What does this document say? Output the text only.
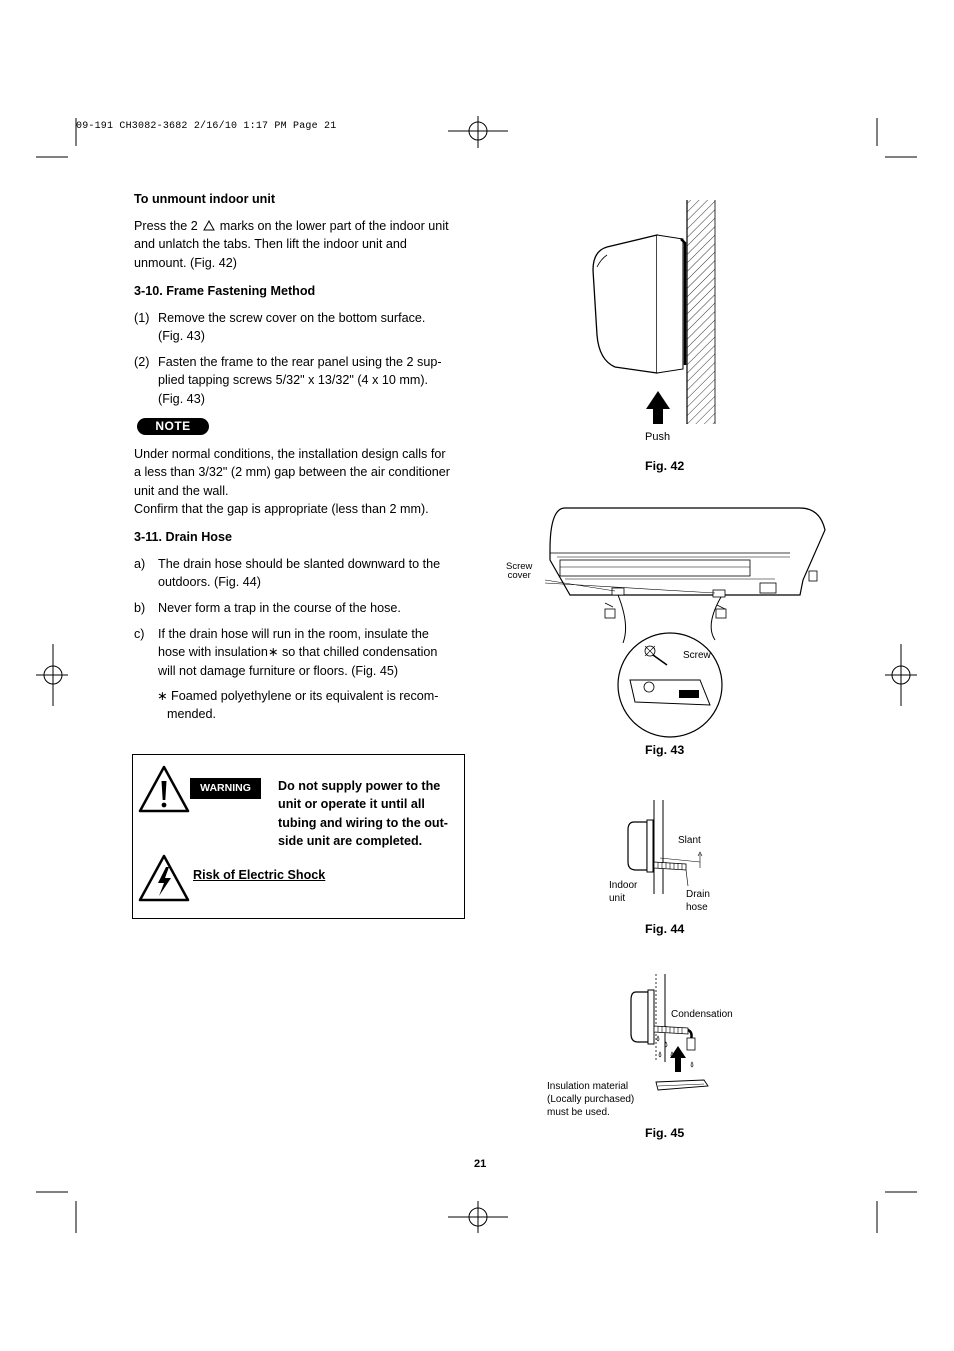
09-191 CH3082-3682 2/16/10 1:17 PM Page 21
To unmount indoor unit
Press the 2  marks on the lower part of the indoor unit
and unlatch the tabs. Then lift the indoor unit and
unmount. (Fig. 42)
3-10. Frame Fastening Method
(1) Remove the screw cover on the bottom surface.
(Fig. 43)
(2) Fasten the frame to the rear panel using the 2 sup-
plied tapping screws 5/32" x 13/32" (4 x 10 mm).
(Fig. 43)
NOTE
Under normal conditions, the installation design calls for
a less than 3/32" (2 mm) gap between the air conditioner
unit and the wall.
Confirm that the gap is appropriate (less than 2 mm).
3-11. Drain Hose
a) The drain hose should be slanted downward to the
outdoors. (Fig. 44)
b) Never form a trap in the course of the hose.
c) If the drain hose will run in the room, insulate the
hose with insulation∗ so that chilled condensation
will not damage furniture or floors. (Fig. 45)
∗ Foamed polyethylene or its equivalent is recom-
mended.
WARNING	Do not supply power to the
unit or operate it until all
tubing and wiring to the out-
side unit are completed.
Risk of Electric Shock
Push
Fig. 42
Screw
cover
Screw
Fig. 43
Slant
Indoor
unit	Drain
hose
Fig. 44
Condensation
Insulation material
(Locally purchased)
must be used.
Fig. 45
21
